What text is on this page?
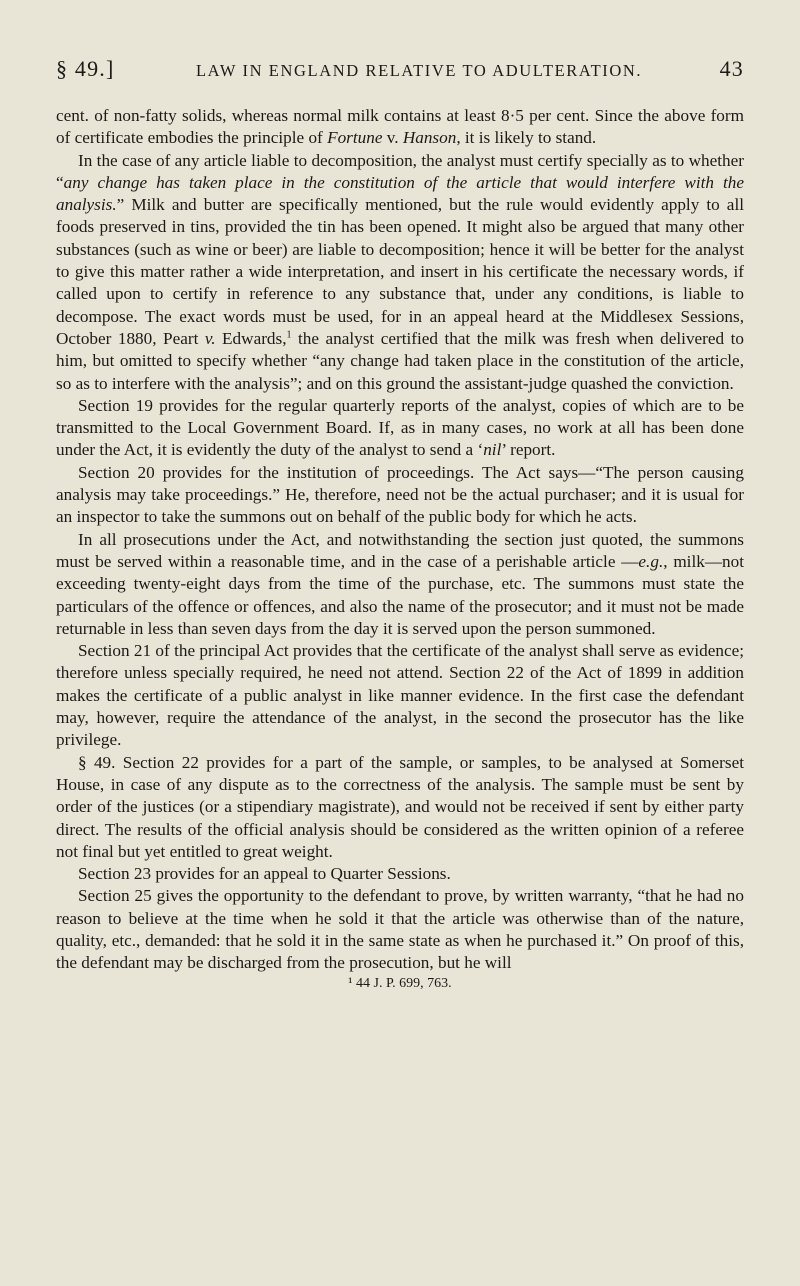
§ 49.]	LAW IN ENGLAND RELATIVE TO ADULTERATION.	43

cent. of non-fatty solids, whereas normal milk contains at least 8·5 per cent. Since the above form of certificate embodies the principle of Fortune v. Hanson, it is likely to stand.

In the case of any article liable to decomposition, the analyst must certify specially as to whether “any change has taken place in the constitution of the article that would interfere with the analysis.” Milk and butter are specifically mentioned, but the rule would evidently apply to all foods preserved in tins, provided the tin has been opened. It might also be argued that many other substances (such as wine or beer) are liable to decomposition; hence it will be better for the analyst to give this matter rather a wide interpretation, and insert in his certificate the necessary words, if called upon to certify in reference to any substance that, under any conditions, is liable to decompose. The exact words must be used, for in an appeal heard at the Middlesex Sessions, October 1880, Peart v. Edwards,$^1$ the analyst certified that the milk was fresh when delivered to him, but omitted to specify whether “any change had taken place in the constitution of the article, so as to interfere with the analysis”; and on this ground the assistant-judge quashed the conviction.

Section 19 provides for the regular quarterly reports of the analyst, copies of which are to be transmitted to the Local Government Board. If, as in many cases, no work at all has been done under the Act, it is evidently the duty of the analyst to send a ‘nil’ report.

Section 20 provides for the institution of proceedings. The Act says—“The person causing analysis may take proceedings.” He, therefore, need not be the actual purchaser; and it is usual for an inspector to take the summons out on behalf of the public body for which he acts.

In all prosecutions under the Act, and notwithstanding the section just quoted, the summons must be served within a reasonable time, and in the case of a perishable article —e.g., milk—not exceeding twenty-eight days from the time of the purchase, etc. The summons must state the particulars of the offence or offences, and also the name of the prosecutor; and it must not be made returnable in less than seven days from the day it is served upon the person summoned.

Section 21 of the principal Act provides that the certificate of the analyst shall serve as evidence; therefore unless specially required, he need not attend. Section 22 of the Act of 1899 in addition makes the certificate of a public analyst in like manner evidence. In the first case the defendant may, however, require the attendance of the analyst, in the second the prosecutor has the like privilege.

§ 49. Section 22 provides for a part of the sample, or samples, to be analysed at Somerset House, in case of any dispute as to the correctness of the analysis. The sample must be sent by order of the justices (or a stipendiary magistrate), and would not be received if sent by either party direct. The results of the official analysis should be considered as the written opinion of a referee not final but yet entitled to great weight.

Section 23 provides for an appeal to Quarter Sessions.

Section 25 gives the opportunity to the defendant to prove, by written warranty, “that he had no reason to believe at the time when he sold it that the article was otherwise than of the nature, quality, etc., demanded: that he sold it in the same state as when he purchased it.” On proof of this, the defendant may be discharged from the prosecution, but he will

¹ 44 J. P. 699, 763.
